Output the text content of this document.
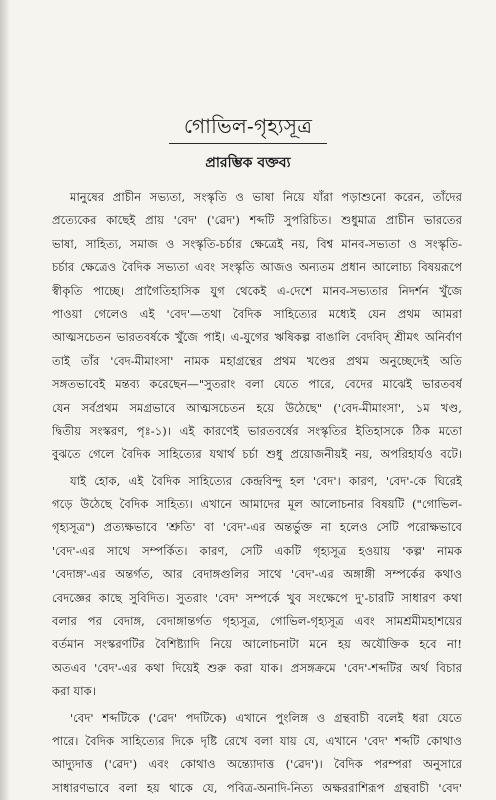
গোভিল-গৃহ্যসূত্র
প্রারম্ভিক বক্তব্য
মানুষের প্রাচীন সভ্যতা, সংস্কৃতি ও ভাষা নিয়ে যাঁরা পড়াশুনো করেন, তাঁদের
প্রত্যেকের কাছেই প্রায় 'বেদ' ('ৱেদ') শব্দটি সুপরিচিত। শুধুমাত্র প্রাচীন ভারতের
ভাষা, সাহিত্য, সমাজ ও সংস্কৃতি-চর্চার ক্ষেত্রেই নয়, বিশ্ব মানব-সভ্যতা ও সংস্কৃতি-
চর্চার ক্ষেত্রেও বৈদিক সভ্যতা এবং সংস্কৃতি আজও অন্যতম প্রধান আলোচ্য বিষয়রূপে
স্বীকৃতি পাচ্ছে। প্রাগৈতিহাসিক যুগ থেকেই এ-দেশে মানব-সভ্যতার নিদর্শন খুঁজে
পাওয়া গেলেও এই 'বেদ'—তথা বৈদিক সাহিত্যের মধ্যেই যেন প্রথম আমরা
আত্মসচেতন ভারতবর্ষকে খুঁজে পাই। এ-যুগের ঋষিকল্প বাঙালি বেদবিদ্ শ্রীমৎ অনির্বাণ
তাই তাঁর 'বেদ-মীমাংসা' নামক মহাগ্রন্থের প্রথম খণ্ডের প্রথম অনুচ্ছেদেই অতি
সঙ্গতভাবেই মন্তব্য করেছেন—"সুতরাং বলা যেতে পারে, বেদের মাঝেই ভারতবর্ষ
যেন সর্বপ্রথম সমগ্রভাবে আত্মসচেতন হয়ে উঠেছে" ('বেদ-মীমাংসা', ১ম খণ্ড,
দ্বিতীয় সংস্করণ, পৃঃ-১)। এই কারণেই ভারতবর্ষের সংস্কৃতির ইতিহাসকে ঠিক মতো
বুঝতে গেলে বৈদিক সাহিত্যের যথার্থ চর্চা শুধু প্রয়োজনীয়ই নয়, অপরিহার্যও বটে।
যাই হোক, এই বৈদিক সাহিত্যের কেন্দ্রবিন্দু হল 'বেদ'। কারণ, 'বেদ'-কে ঘিরেই
গড়ে উঠেছে বৈদিক সাহিত্য। এখানে আমাদের মূল আলোচনার বিষয়টি ("গোভিল-
গৃহ্যসূত্র") প্রত্যক্ষভাবে 'শ্রুতি' বা 'বেদ'-এর অন্তর্ভুক্ত না হলেও সেটি পরোক্ষভাবে
'বেদ'-এর সাথে সম্পর্কিত। কারণ, সেটি একটি গৃহ্যসূত্র হওয়ায় 'কল্প' নামক
'বেদাঙ্গ'-এর অন্তর্গত, আর বেদাঙ্গগুলির সাথে 'বেদ'-এর অঙ্গাঙ্গী সম্পর্কের কথাও
বেদজ্ঞের কাছে সুবিদিত। সুতরাং 'বেদ' সম্পর্কে খুব সংক্ষেপে দু'-চারটি সাধারণ কথা
বলার পর বেদাঙ্গ, বেদাঙ্গান্তর্গত গৃহ্যসূত্র, গোভিল-গৃহ্যসূত্র এবং সামশ্রমীমহাশয়ের
বর্তমান সংস্করণটির বৈশিষ্ট্যাদি নিয়ে আলোচনাটা মনে হয় অযৌক্তিক হবে না!
অতএব 'বেদ'-এর কথা দিয়েই শুরু করা যাক। প্রসঙ্গক্রমে 'বেদ'-শব্দটির অর্থ বিচার
করা যাক।
'বেদ' শব্দটিকে ('ৱেদ' পদটিকে) এখানে পুংলিঙ্গ ও গ্রন্থবাচী বলেই ধরা যেতে
পারে। বৈদিক সাহিত্যের দিকে দৃষ্টি রেখে বলা যায় যে, এখানে 'বেদ' শব্দটি কোথাও
আদ্যুদাত্ত ('ৱেদ') এবং কোথাও অন্ত্যোদাত্ত ('ৱেদ')। বৈদিক পরম্পরা অনুসারে
সাধারণভাবে বলা হয় থাকে যে, পবিত্র-অনাদি-নিত্য অক্ষররাশিরূপ গ্রন্থবাচী 'বেদ'
